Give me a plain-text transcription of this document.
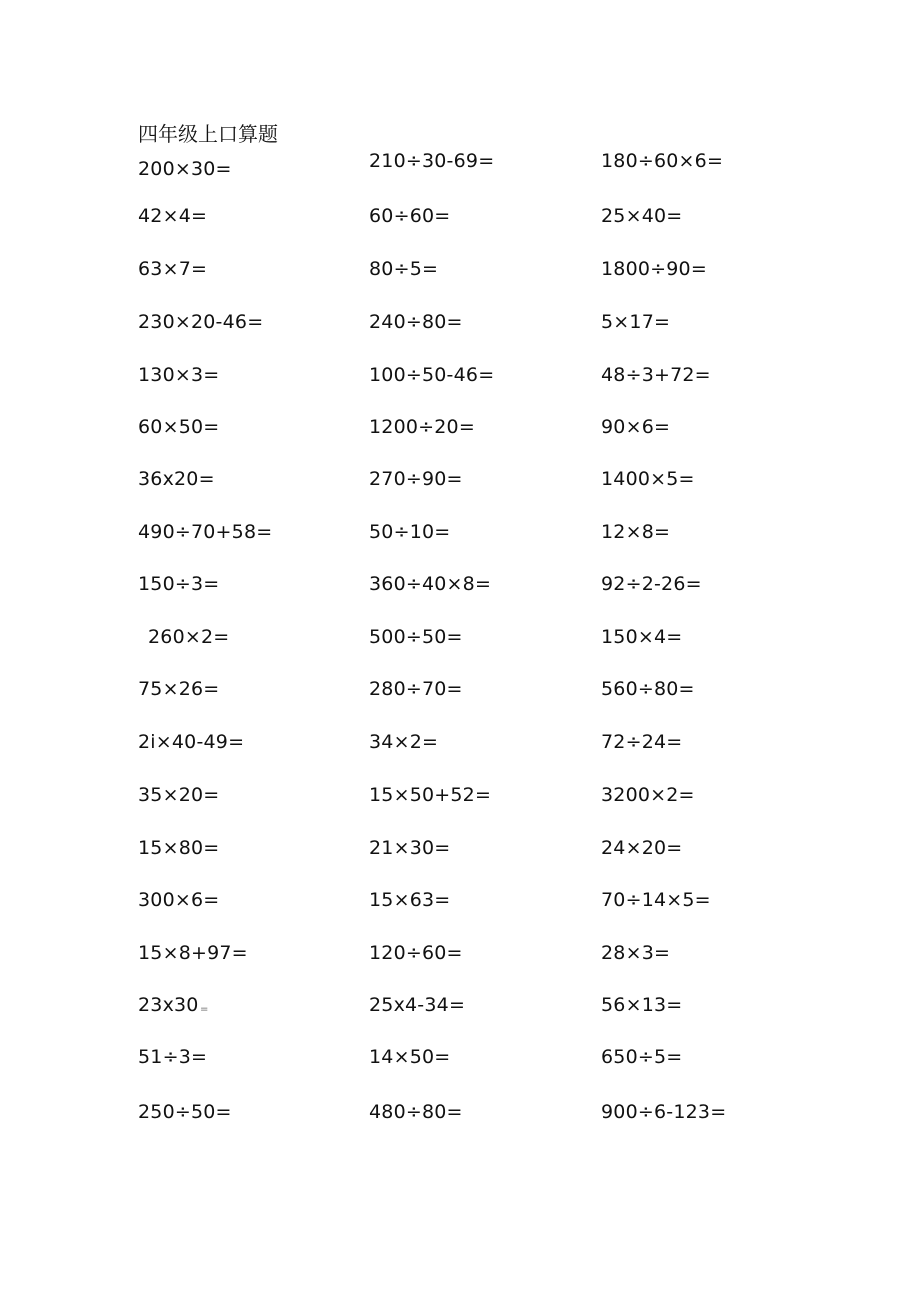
四年级上口算题
200×30=	210÷30-69=	180÷60×6=
42×4=	60÷60=	25×40=
63×7=	80÷5=	1800÷90=
230×20-46=	240÷80=	5×17=
130×3=	100÷50-46=	48÷3+72=
60×50=	1200÷20=	90×6=
36x20=	270÷90=	1400×5=
490÷70+58=	50÷10=	12×8=
150÷3=	360÷40×8=	92÷2-26=
260×2=	500÷50=	150×4=
75×26=	280÷70=	560÷80=
2i×40-49=	34×2=	72÷24=
35×20=	15×50+52=	3200×2=
15×80=	21×30=	24×20=
300×6=	15×63=	70÷14×5=
15×8+97=	120÷60=	28×3=
23x30 =	25x4-34=	56×13=
51÷3=	14×50=	650÷5=
250÷50=	480÷80=	900÷6-123=
